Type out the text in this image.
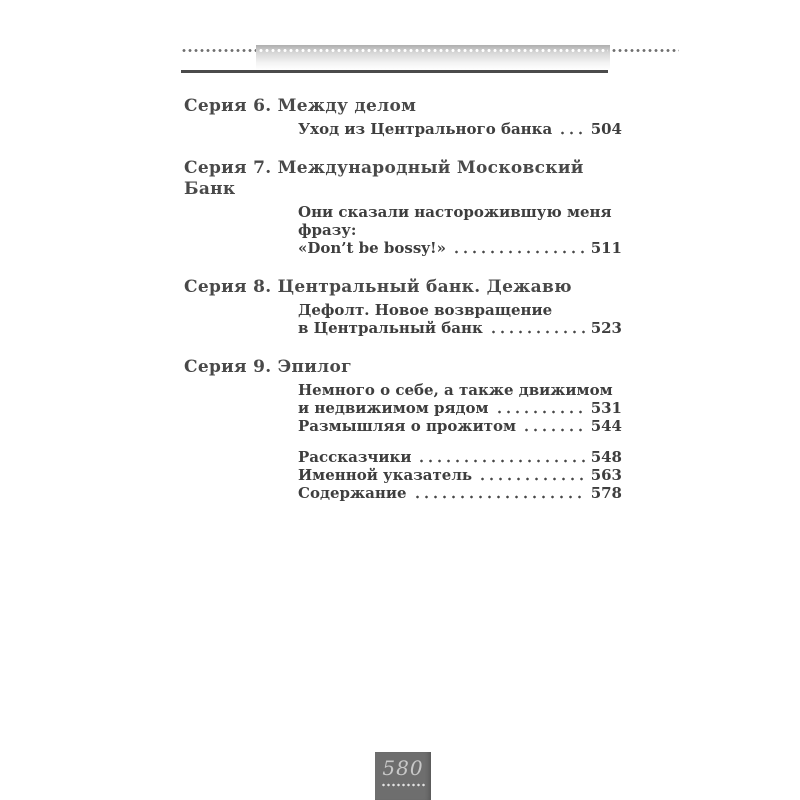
Серия 6. Между делом
Уход из Центрального банка	504
Серия 7. Международный Московский Банк
Они сказали насторожившую меня фразу:
«Don’t be bossy!»	511
Серия 8. Центральный банк. Дежавю
Дефолт. Новое возвращение
в Центральный банк	523
Серия 9. Эпилог
Немного о себе, а также движимом
и недвижимом рядом	531
Размышляя о прожитом	544
Рассказчики	548
Именной указатель	563
Содержание	578
580
